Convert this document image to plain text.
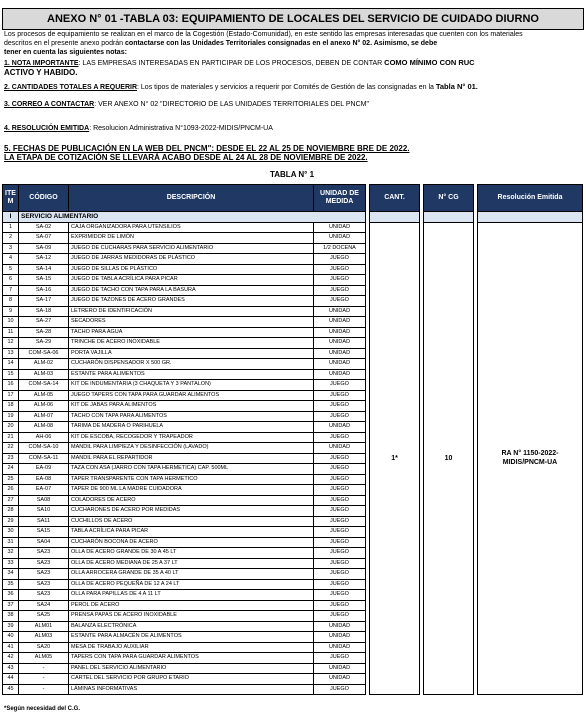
ANEXO N° 01 -TABLA 03: EQUIPAMIENTO DE LOCALES DEL SERVICIO DE CUIDADO DIURNO
Los procesos de equipamiento se realizan en el marco de la Cogestión (Estado-Comunidad), en este sentido las empresas interesadas que cuenten con los materiales
descritos en el presente anexo podrán contactarse con las Unidades Territoriales consignadas en el anexo N° 02. Asimismo, se debe
tener en cuenta las siguientes notas:
1. NOTA IMPORTANTE: LAS EMPRESAS INTERESADAS EN PARTICIPAR DE LOS PROCESOS, DEBEN DE CONTAR COMO MÍNIMO CON RUC
ACTIVO Y HABIDO.
2. CANTIDADES TOTALES A REQUERIR: Los tipos de materiales y servicios a requerir por Comités de Gestión de las consignadas en la Tabla N° 01.
3. CORREO A CONTACTAR: VER ANEXO N° 02 "DIRECTORIO DE LAS UNIDADES TERRITORIALES DEL PNCM"
4. RESOLUCIÓN EMITIDA: Resolucion Administrativa N°1093-2022-MIDIS/PNCM-UA
5. FECHAS DE PUBLICACIÓN EN LA WEB DEL PNCM": DESDE EL 22 AL 25 DE NOVIEMBRE BRE DE 2022.
LA ETAPA DE COTIZACIÓN SE LLEVARÁ ACABO DESDE AL 24 AL 28 DE NOVIEMBRE DE 2022.
TABLA N° 1
ITE M	CÓDIGO	DESCRIPCIÓN	UNIDAD DE MEDIDA		CANT.		N° CG		Resolución Emitida
I	SERVICIO ALIMENTARIO								
1	SA-02	CAJA ORGANIZADORA PARA UTENSILIOS	UNIDAD		1*		10		RA N° 1150-2022-MIDIS/PNCM-UA
2	SA-07	EXPRIMIDOR DE LIMÓN	UNIDAD						
3	SA-09	JUEGO DE CUCHARAS PARA SERVICIO ALIMENTARIO	1/2 DOCENA						
4	SA-12	JUEGO DE JARRAS MEDIDORAS DE PLÁSTICO	JUEGO						
5	SA-14	JUEGO DE SILLAS DE PLÁSTICO	JUEGO						
6	SA-15	JUEGO DE TABLA ACRÍLICA PARA PICAR	JUEGO						
7	SA-16	JUEGO DE TACHO CON TAPA PARA LA BASURA	JUEGO						
8	SA-17	JUEGO DE TAZONES DE ACERO GRANDES	JUEGO						
9	SA-18	LETRERO DE IDENTIFICACIÓN	UNIDAD						
10	SA-27	SECADORES	UNIDAD						
11	SA-28	TACHO PARA AGUA	UNIDAD						
12	SA-29	TRINCHE DE ACERO INOXIDABLE	UNIDAD						
13	COM-SA-06	PORTA VAJILLA	UNIDAD						
14	ALM-02	CUCHARÓN DISPENSADOR X 500 GR.	UNIDAD						
15	ALM-03	ESTANTE PARA ALIMENTOS	UNIDAD						
16	COM-SA-14	KIT DE INDUMENTARIA (3 CHAQUETA Y 3 PANTALON)	JUEGO						
17	ALM-05	JUEGO TAPERS CON TAPA PARA GUARDAR ALIMENTOS	JUEGO						
18	ALM-06	KIT DE JABAS PARA ALIMENTOS	JUEGO						
19	ALM-07	TACHO CON TAPA PARA ALIMENTOS	JUEGO						
20	ALM-08	TARIMA DE MADERA O PARIHUELA	UNIDAD						
21	AH-06	KIT DE ESCOBA, RECOGEDOR Y TRAPEADOR	JUEGO						
22	COM-SA-10	MANDIL PARA LIMPIEZA Y DESINFECCIÓN (LAVADO)	UNIDAD						
23	COM-SA-11	MANDIL PARA EL REPARTIDOR	JUEGO						
24	EA-09	TAZA CON ASA (JARRO CON TAPA HERMETICA) CAP. 500ML	JUEGO						
25	EA-08	TAPER TRANSPARENTE CON TAPA HERMETICO	JUEGO						
26	EA-07	TAPER DE 900 ML LA MADRE CUIDADORA	JUEGO						
27	SA08	COLADORES DE ACERO	JUEGO						
28	SA10	CUCHARONES DE ACERO POR MEDIDAS	JUEGO						
29	SA11	CUCHILLOS DE ACERO	JUEGO						
30	SA15	TABLA ACRÍLICA PARA PICAR	JUEGO						
31	SA04	CUCHARÓN BOCONA DE ACERO	JUEGO						
32	SA23	OLLA DE ACERO GRANDE DE 30 A 45 LT	JUEGO						
33	SA23	OLLA DE ACERO MEDIANA DE 25 A 37 LT	JUEGO						
34	SA23	OLLA ARROCERA GRANDE DE 35 A 40 LT	JUEGO						
35	SA23	OLLA DE ACERO PEQUEÑA DE 12 A 24 LT	JUEGO						
36	SA23	OLLA PARA PAPILLAS DE 4 A 11 LT	JUEGO						
37	SA24	PEROL DE ACERO	JUEGO						
38	SA25	PRENSA PAPAS DE ACERO INOXIDABLE	JUEGO						
39	ALM01	BALANZA ELECTRÓNICA	UNIDAD						
40	ALM03	ESTANTE PARA ALMACÉN DE ALIMENTOS	UNIDAD						
41	SA20	MESA DE TRABAJO AUXILIAR	UNIDAD						
42	ALM05	TAPERS CON TAPA PARA GUARDAR ALIMENTOS	JUEGO						
43	-	PANEL DEL SERVICIO ALIMENTARIO	UNIDAD						
44	-	CARTEL DEL SERVICIO POR GRUPO ETARIO	UNIDAD						
45	-	LÁMINAS INFORMATIVAS	JUEGO						
*Según necesidad del C.G.
